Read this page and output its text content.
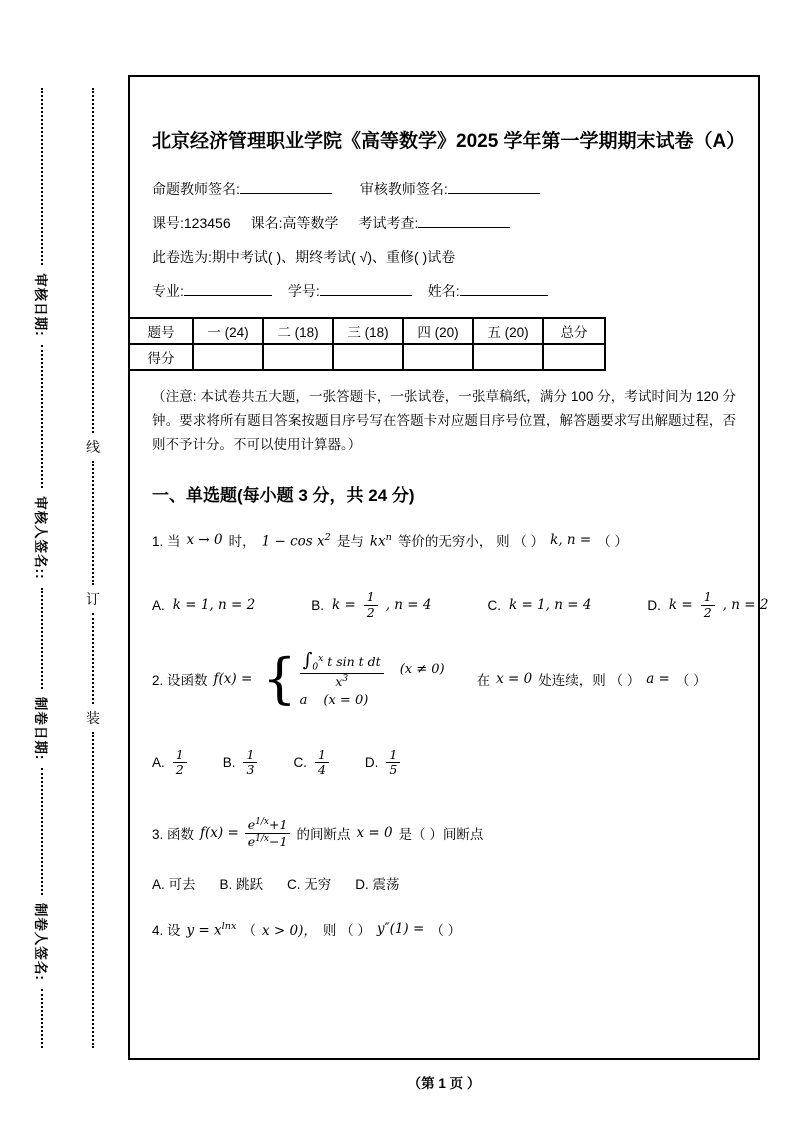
审核日期:
审核人签名::
制卷日期:
制卷人签名:
线
订
装
北京经济管理职业学院《高等数学》2025 学年第一学期期末试卷（A）
命题教师签名:	审核教师签名:
课号:123456 课名:高等数学 考试考查:
此卷选为:期中考试( )、期终考试( √)、重修( )试卷
专业:	学号:	姓名:
题号	一 (24)	二 (18)	三 (18)	四 (20)	五 (20)	总分
得分						

（注意: 本试卷共五大题，一张答题卡，一张试卷，一张草稿纸，满分 100 分，考试时间为 120 分钟。要求将所有题目答案按题目序号写在答题卡对应题目序号位置，解答题要求写出解题过程，否则不予计分。不可以使用计算器。）

一、单选题(每小题 3 分，共 24 分)
1. 当 x → 0 时， $1 - \cos x^2$ 是与 $kx^n$ 等价的无穷小， 则 （ ） k, n = （ ）
A. k = 1, n = 2	B. $k = \frac{1}{2}$ , n = 4	C. k = 1, n = 4	D. $k = \frac{1}{2}$ , n = 2
2. 设函数 f(x) = { $\frac{\int_0^x t \sin t dt}{x^3} (x \ne 0)$
a (x = 0)
在 x = 0 处连续，则 （ ） a = （ ）
A. $\frac{1}{2}$	B. $\frac{1}{3}$	C. $\frac{1}{4}$	D. $\frac{1}{5}$
3. 函数 $f(x) = \frac{e^{1/x}+1}{e^{1/x}-1}$ 的间断点 x = 0 是（ ）间断点
A. 可去 B. 跳跃 C. 无穷 D. 震荡
4. 设 $y = x^{lnx}$ （ x > 0)， 则 （ ） y″(1) = （ ）
（第 1 页 ）
